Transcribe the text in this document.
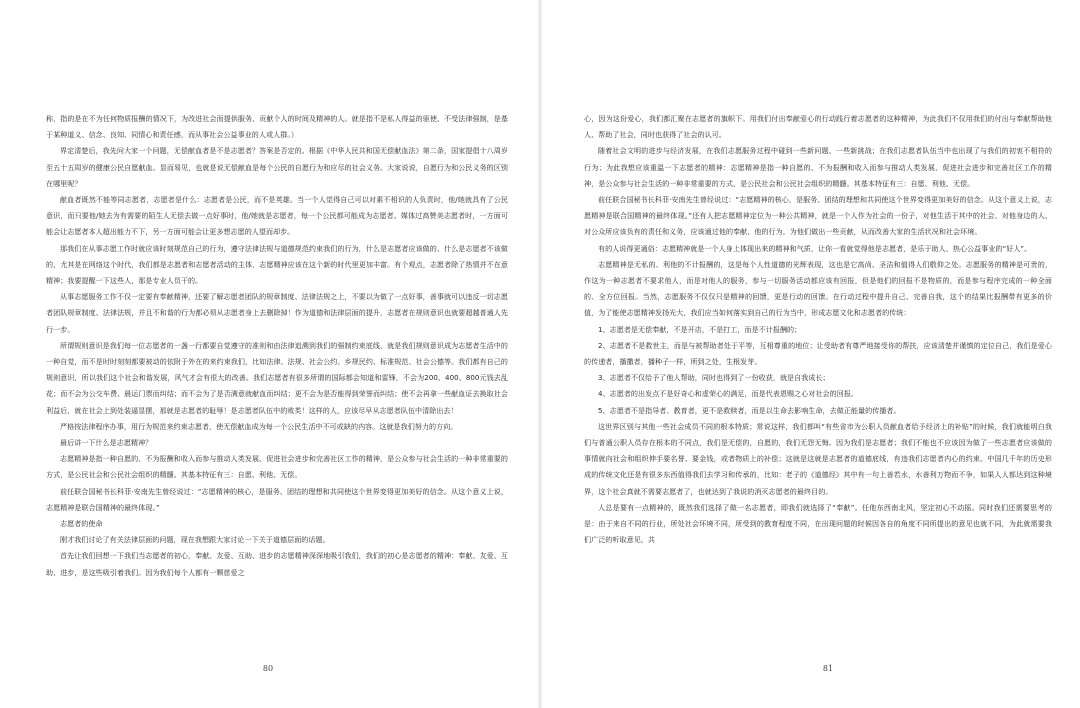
称，指的是在不为任何物质报酬的情况下，为改进社会而提供服务、贡献个人的时间及精神的人。就是指不是私人得益的驱使、不受法律强制，是基于某种道义、信念、良知、同情心和责任感，而从事社会公益事业的人或人群。）

界定清楚后，我先问大家一个问题，无偿献血者是不是志愿者？答案是否定的。根据《中华人民共和国无偿献血法》第二条，国家提倡十八周岁至五十五周岁的健康公民自愿献血。显而易见，也就是说无偿献血是每个公民的自愿行为和应尽的社会义务。大家说说，自愿行为和公民义务的区别在哪里呢？

献血者既然不能等同志愿者，志愿者是什么：志愿者是公民，而不是英雄。当一个人觉得自己可以对素不相识的人负责时，他/她就具有了公民意识，而只要他/她去为有需要的陌生人无偿去做一点好事时，他/她就是志愿者，每一个公民都可能成为志愿者。媒体过高赞美志愿者时，一方面可能会让志愿者本人超出能力不下，另一方面可能会让更多想志愿的人望而却步。

那我们在从事志愿工作时就应该时刻规范自己的行为，遵守法律法规与道德规范约束我们的行为，什么是志愿者应该做的、什么是志愿者不该做的，尤其是在网络这个时代，我们都是志愿者和志愿者活动的主体，志愿精神应该在这个新的时代里更加丰富。有个观点，志愿者除了热情并不在意精神；我要提醒一下这些人，那是专业人员干的。

从事志愿服务工作不仅一定要有奉献精神，还要了解志愿者团队的规章制度、法律法规之上，不要以为做了一点好事，善事就可以违反一切志愿者团队规章制度、法律法规，并且不和谐的行为都必须从志愿者身上去删除掉！作为道德和法律层面的提升，志愿者在规则意识也就要超越普通人先行一步。

所谓规则意识是我们每一位志愿者的一盏一行都要自觉遵守的准则和由法律追溯到我们的强制约束底线，就是我们规则意识成为志愿者生活中的一种自觉，而不是时时刻刻都要被动的依附于外在的来约束我们，比如法律、法规、社会公约、乡规民约、标准规范、社会公德等。我们都有自己的规则意识，所以我们这个社会和谐发展，风气才会有很大的改善。我们志愿者有很多所谓的国际都会知道和雷锋，不会为200、400、800元钱去乱花；而不会为公交车费、晨运门票而纠结；而不会为了是否满意就献血而纠结；更不会为是否能得到荣誉而纠结；使不会再拿一些献血证去换取社会利益后，就在社会上到处装逼显摆，那就是志愿者的耻辱！是志愿者队伍中的败类！这样的人，应该尽早从志愿者队伍中清除出去！

严格按法律程序办事，用行为规范来约束志愿者，使无偿献血成为每一个公民生活中不可或缺的内容。这就是我们努力的方向。

最后讲一下什么是志愿精神？

志愿精神是指一种自愿的、不为报酬和收入而参与推动人类发展、促进社会进步和完善社区工作的精神，是公众参与社会生活的一种非常重要的方式，是公民社会和公民社会组织的精髓。其基本特征有三：自愿、利他、无偿。

前任联合国秘书长科菲·安南先生曾经说过：“志愿精神的核心，是服务、团结的理想和共同使这个世界变得更加美好的信念。从这个意义上说，志愿精神是联合国精神的最终体现。”

志愿者的使命

刚才我们讨论了有关法律层面的问题，现在我想跟大家讨论一下关于道德层面的话题。

首先让我们回想一下我们当志愿者的初心，奉献、友爱、互助、进步的志愿精神深深地吸引我们，我们的初心是志愿者的精神：奉献、友爱、互助、进步，是这些吸引着我们。因为我们每个人都有一颗慈爱之

80

心，因为这份爱心，我们都汇聚在志愿者的旗帜下。用我们付出奉献爱心的行动践行着志愿者的这种精神，为此我们不仅用我们的付出与奉献帮助他人、帮助了社会，同时也获得了社会的认可。

随着社会文明的进步与经济发展，在我们志愿服务过程中碰到一些新问题、一些新挑战；在我们志愿者队伍当中也出现了与我们的初衷不相符的行为；为此我想应该重温一下志愿者的精神：志愿精神是指一种自愿的、不为报酬和收入而参与推动人类发展、促进社会进步和完善社区工作的精神，是公众参与社会生活的一种非常重要的方式，是公民社会和公民社会组织的精髓。其基本特征有三：自愿、利他、无偿。

前任联合国秘书长科菲·安南先生曾经说过：“志愿精神的核心，是服务、团结的理想和共同使这个世界变得更加美好的信念。从这个意义上说，志愿精神是联合国精神的最终体现。”还有人把志愿精神定位为一种公共精神，就是一个人作为社会的一份子，对他生活于其中的社会、对他身边的人、对公众所应该负有的责任和义务，应该通过他的奉献、他的行为，为他们做出一些贡献，从而改善大家的生活状况和社会环境。

有的人说得更通俗：志愿精神就是一个人身上体现出来的精神和气质，让你一看就觉得他是志愿者，是乐于助人、热心公益事业的“好人”。

志愿精神是无私的、利他的不计报酬的，这是每个人性道德的光辉表现，这也是它高尚、圣洁和值得人们敬仰之处。志愿服务的精神是可贵的，作这为一种志愿者不要求他人，而是对他人的服务，参与一切服务活动都应该有回报，但是他们的回报不是物质的，而是参与程序完成的一种全面的、全方位回报。当然，志愿服务不仅仅只是精神的回馈，更是行动的回馈。在行动过程中提升自己、完善自我，这个的结果比报酬带有更多的价值，为了能使志愿精神发扬光大，我们应当如何落实到自己的行为当中，形成志愿文化和志愿者的传统：

1、志愿者是无偿奉献，不是开店，不是打工，而是不计报酬的；

2、志愿者不是救世主，而是与被帮助者处于平等，互相尊重的地位；让受助者有尊严地接受你的帮扶，应该清楚并谨慎的定位自己，我们是爱心的传递者，播撒者，播种子一样，所到之处，生根发芽。

3、志愿者不仅给予了他人帮助，同时也得到了一份收获，就是自我成长；

4、志愿者的出发点不是好奇心和虚荣心的满足，而是代表恩赐之心对社会的回报。

5、志愿者不是指导者、教育者，更不是救赎者，而是以生命去影响生命，去做正能量的传播者。

这世界区别与其他一些社会成员不同的根本特质；常说这样，我们都叫“有些省市为公职人员献血者给予经济上的补贴”的时候，我们就能明白我们与普通公职人员存在根本的不同点，我们是无偿的，自愿的，我们无怨无悔。因为我们是志愿者；我们不能也不应该因为做了一些志愿者应该做的事情就向社会和组织伸手要名誉、要金钱，或者物质上的补偿；这就是这就是志愿者的道德底线，有违我们志愿者内心的约束。中国几千年的历史形成的传统文化还是有很多东西值得我们去学习和传承的，比如：老子的《道德经》其中有一句上善若水，水善利万物而不争，如果人人都达到这种境界，这个社会真就不需要志愿者了，也就达到了我说的消灭志愿者的最终目的。

人总是要有一点精神的，既然我们选择了做一名志愿者，即我们就选择了“奉献”。任他东西南北风，坚定初心不动摇。同时我们还需要思考的是：由于来自不同的行业，所处社会环境不同，所受到的教育程度不同，在出现问题的时候因各自的角度不同所提出的意见也就不同，为此就需要我们广泛的听取意见，共

81
